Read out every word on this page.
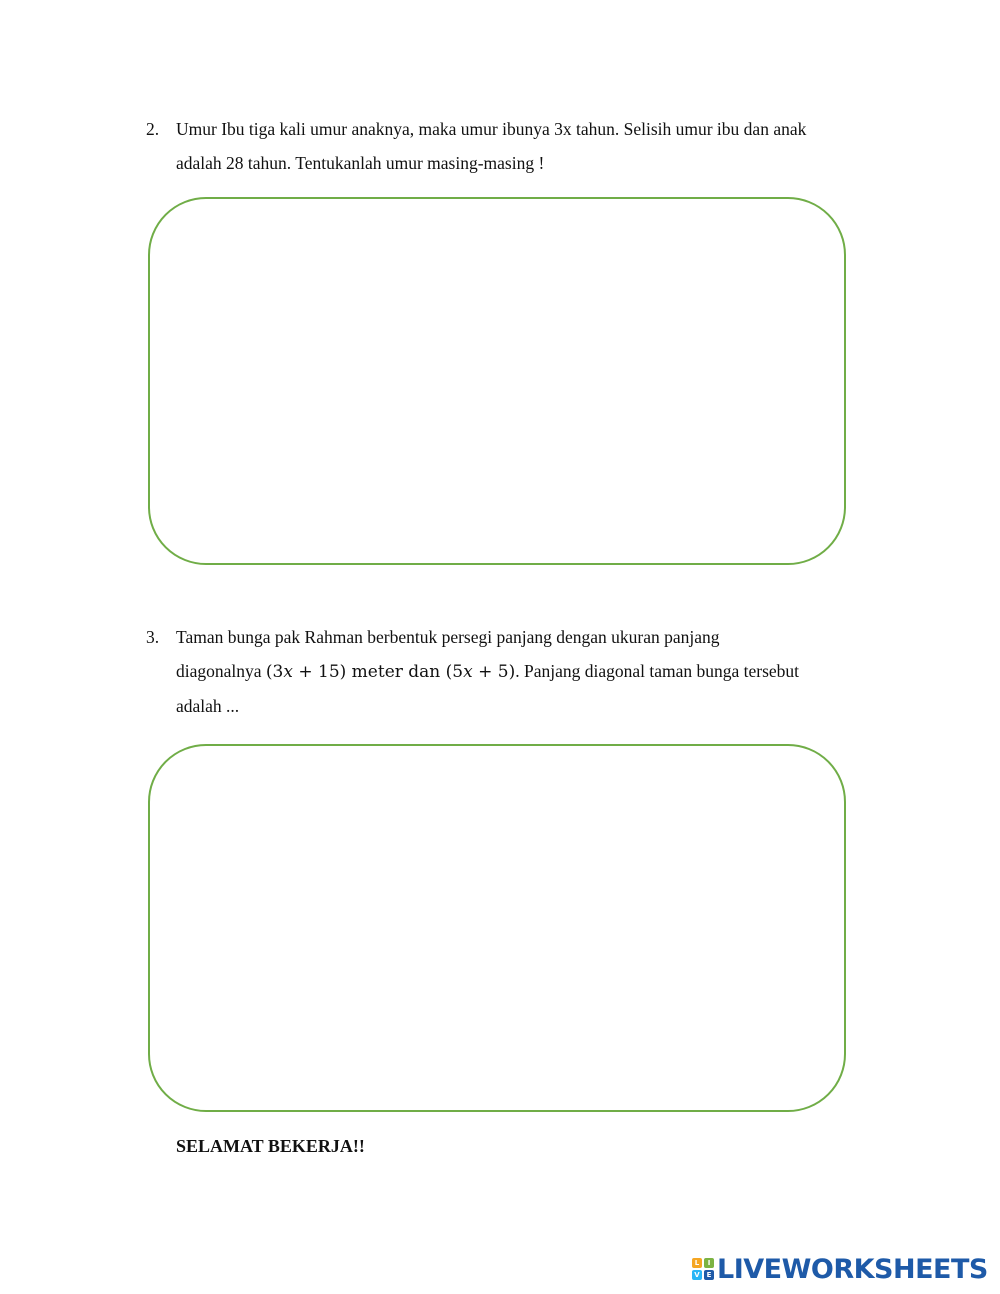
2. Umur Ibu tiga kali umur anaknya, maka umur ibunya 3x tahun. Selisih umur ibu dan anak
adalah 28 tahun. Tentukanlah umur masing-masing !
3. Taman bunga pak Rahman berbentuk persegi panjang dengan ukuran panjang
diagonalnya (3x + 15) meter dan (5x + 5). Panjang diagonal taman bunga tersebut
adalah ...
SELAMAT BEKERJA!!
L	I
V E LIVEWORKSHEETS
